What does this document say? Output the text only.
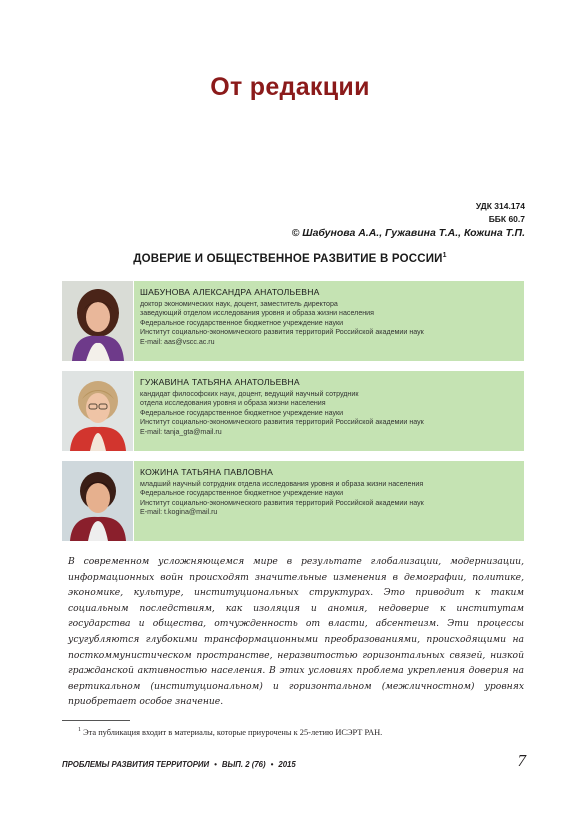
От редакции
УДК 314.174
ББК 60.7
© Шабунова А.А., Гужавина Т.А., Кожина Т.П.
ДОВЕРИЕ И ОБЩЕСТВЕННОЕ РАЗВИТИЕ В РОССИИ$^1$
ШАБУНОВА АЛЕКСАНДРА АНАТОЛЬЕВНА
доктор экономических наук, доцент, заместитель директора
заведующий отделом исследования уровня и образа жизни населения
Федеральное государственное бюджетное учреждение науки
Институт социально-экономического развития территорий Российской академии наук
E-mail: aas@vscc.ac.ru
ГУЖАВИНА ТАТЬЯНА АНАТОЛЬЕВНА
кандидат философских наук, доцент, ведущий научный сотрудник
отдела исследования уровня и образа жизни населения
Федеральное государственное бюджетное учреждение науки
Институт социально-экономического развития территорий Российской академии наук
E-mail: tanja_gta@mail.ru
КОЖИНА ТАТЬЯНА ПАВЛОВНА
младший научный сотрудник отдела исследования уровня и образа жизни населения
Федеральное государственное бюджетное учреждение науки
Институт социально-экономического развития территорий Российской академии наук
E-mail: t.kogina@mail.ru

В современном усложняющемся мире в результате глобализации, модернизации, информационных войн происходят значительные изменения в демографии, политике, экономике, культуре, институциональных структурах. Это приводит к таким социальным последствиям, как изоляция и аномия, недоверие к институтам государства и общества, отчужденность от власти, абсентеизм. Эти процессы усугубляются глубокими трансформационными преобразованиями, происходящими на посткоммунистическом пространстве, неразвитостью горизонтальных связей, низкой гражданской активностью населения. В этих условиях проблема укрепления доверия на вертикальном (институциональном) и горизонтальном (межличностном) уровнях приобретает особое значение.

$^1$ Эта публикация входит в материалы, которые приурочены к 25-летию ИСЭРТ РАН.
ПРОБЛЕМЫ РАЗВИТИЯ ТЕРРИТОРИИ • ВЫП. 2 (76) • 2015	7
